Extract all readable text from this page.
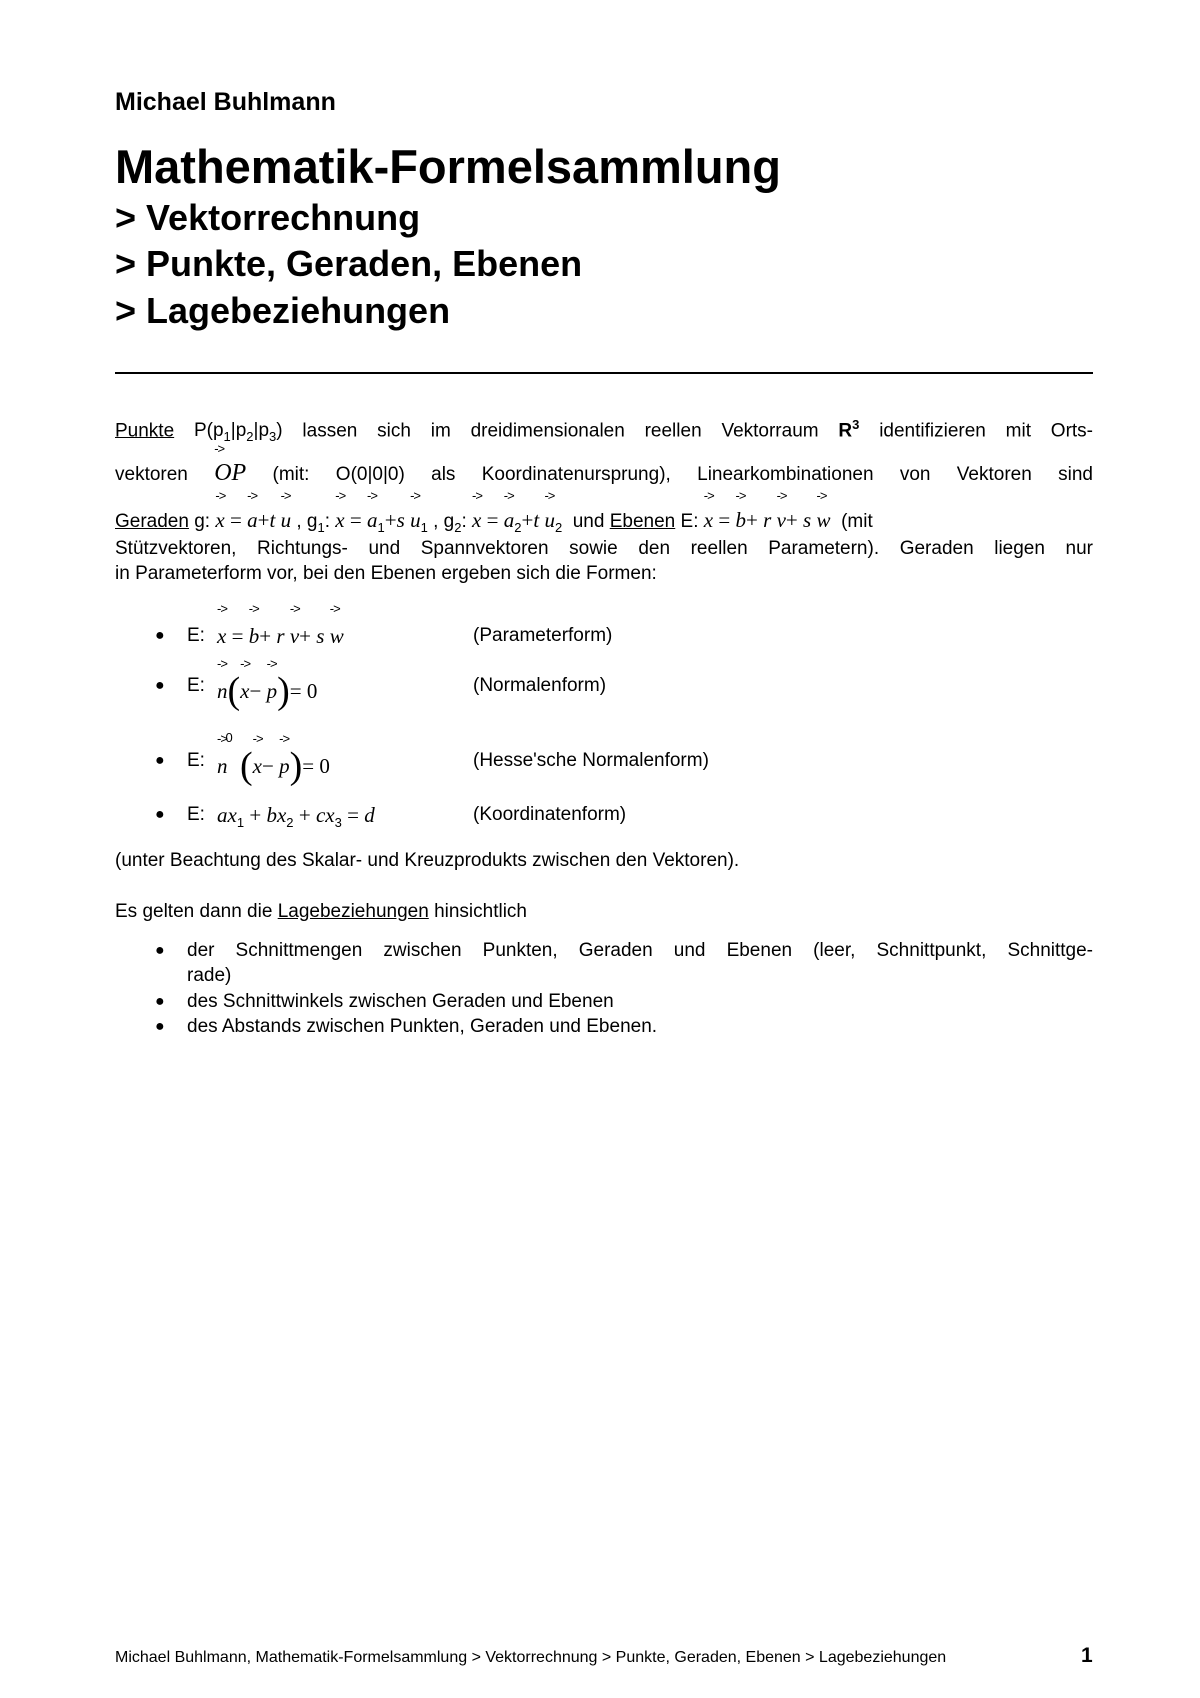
Michael Buhlmann
Mathematik-Formelsammlung
> Vektorrechnung
> Punkte, Geraden, Ebenen
> Lagebeziehungen
Punkte $P(p_1|p_2|p_3)$ lassen sich im dreidimensionalen reellen Vektorraum $R^3$ identifizieren mit Orts-
vektoren -> OP (mit: O(0|0|0) als Koordinatenursprung), Linearkombinationen von Vektoren sind
Geraden g: -> x = -> a+t -> u , $g_1$: -> x = -> $a_1+s -> u_1$ , $g_2$: -> x = -> $a_2+t -> u_2$ und Ebenen E: -> x = -> b+ r -> v+ s -> w (mit
Stützvektoren, Richtungs- und Spannvektoren sowie den reellen Parametern). Geraden liegen nur
in Parameterform vor, bei den Ebenen ergeben sich die Formen:
● E: -> x = -> b+ r -> v+ s -> w	(Parameterform)
● E: -> n(-> x− -> p)= 0	(Normalenform)
● E: -> $n^0$ (-> x− -> p)= 0	(Hesse'sche Normalenform)
● E: $ax_1 + bx_2 + cx_3 = d$	(Koordinatenform)
(unter Beachtung des Skalar- und Kreuzprodukts zwischen den Vektoren).
Es gelten dann die Lagebeziehungen hinsichtlich
● der Schnittmengen zwischen Punkten, Geraden und Ebenen (leer, Schnittpunkt, Schnittge-
rade)
● des Schnittwinkels zwischen Geraden und Ebenen
● des Abstands zwischen Punkten, Geraden und Ebenen.
Michael Buhlmann, Mathematik-Formelsammlung > Vektorrechnung > Punkte, Geraden, Ebenen > Lagebeziehungen	1
